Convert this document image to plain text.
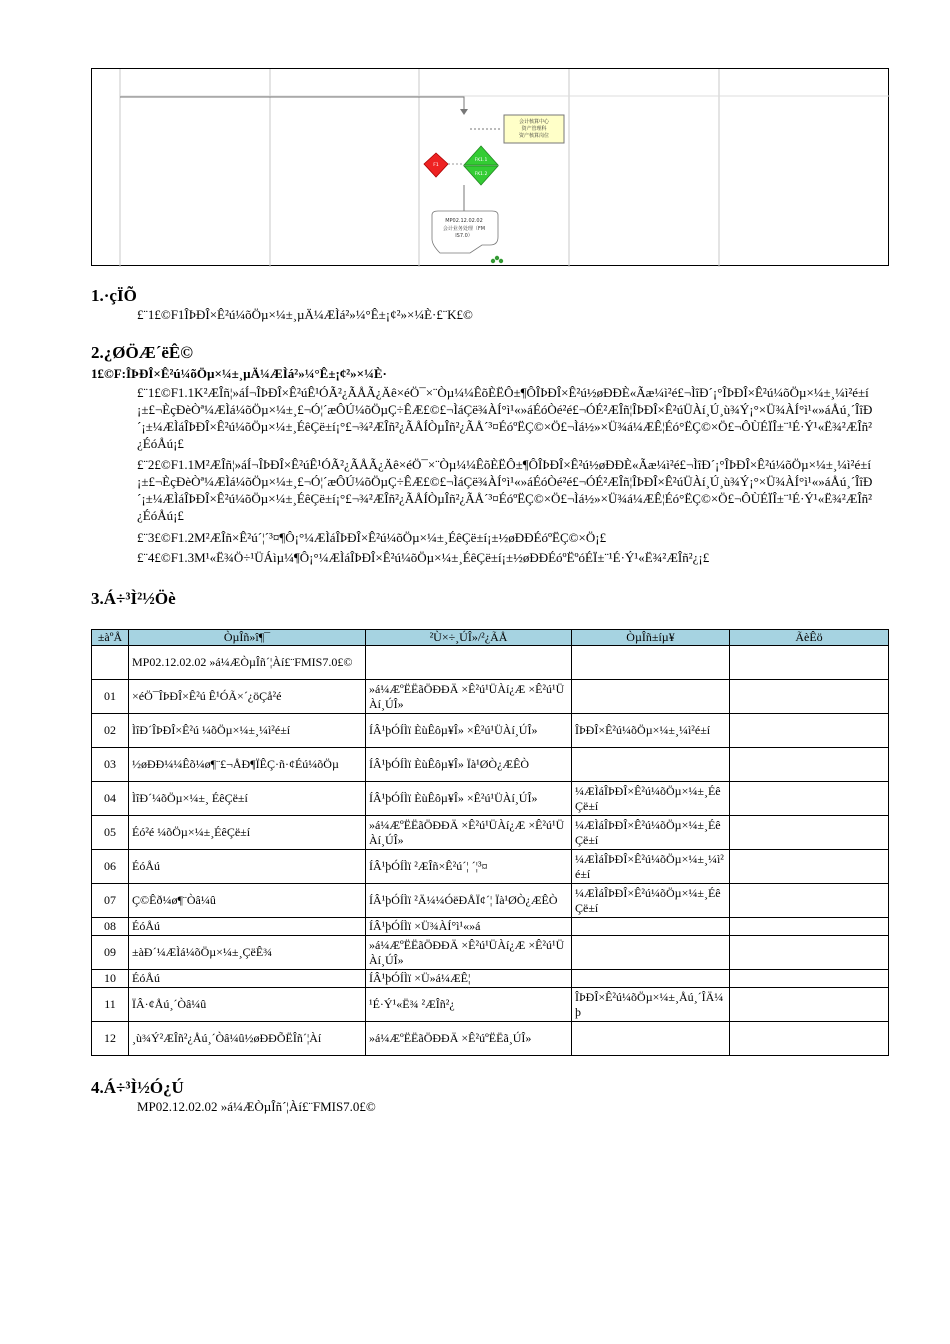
会计核算中心
资产管理科
资产核算岗位
F1
FK1.1
FK1.2
MP02.12.02.02
会计业务处理（FM
IS7.0）
1.·çÏÕ
£¨1£©F1ÎÞÐÎ×Ê²ú¼õÖµ×¼±¸µÄ¼ÆÌá²»¼°Ê±¡¢²»×¼È·£¨K£©
2.¿ØÖÆ´ëÊ©
1£©F:ÎÞÐÎ×Ê²ú¼õÖµ×¼±¸µÄ¼ÆÌá²»¼°Ê±¡¢²»×¼È·
£¨1£©F1.1K²ÆÎñ¦»áÍ¬ÎÞÐÎ×Ê²úÊ¹ÓÃ²¿ÃÅÃ¿Äê×éÖ¯×¨Òµ¼¼ÊõÈËÔ±¶ÔÎÞÐÎ×Ê²ú½øÐÐÈ«Ãæ¼ì²é£¬ÌîÐ´¡°ÎÞÐÎ×Ê²ú¼õÖµ×¼±¸¼ì²é±í¡±£¬ÈçÐèÒª¼ÆÌá¼õÖµ×¼±¸£¬Ó¦´æÔÚ¼õÖµÇ÷ÊÆ£©£¬ÌáÇë¾ÀÍ°ì¹«»áÉóÒé²é£¬ÓÉ²ÆÎñ¦ÎÞÐÎ×Ê²úÜÀí¸Ú¸ù¾Ý¡°×Ü¾ÀÍ°ì¹«»áÅú¸´ÎîÐ´¡±¼ÆÌáÎÞÐÎ×Ê²ú¼õÖµ×¼±¸ÉêÇë±í¡°£¬¾²ÆÎñ²¿ÃÅÍÒµÎñ²¿ÃÅ´³¤ÉóºËÇ©×Ö£¬Ìá½»×Ü¾á¼ÆÊ¦Éó°ËÇ©×Ö£¬ÔÙÉÏÎ±¨¹É·Ý¹«Ë¾²ÆÎñ²¿ÉóÅú¡£
£¨2£©F1.1M²ÆÎñ¦»áÍ¬ÎÞÐÎ×Ê²úÊ¹ÓÃ²¿ÃÅÃ¿Äê×éÖ¯×¨Òµ¼¼ÊõÈËÔ±¶ÔÎÞÐÎ×Ê²ú½øÐÐÈ«Ãæ¼ì²é£¬ÌîÐ´¡°ÎÞÐÎ×Ê²ú¼õÖµ×¼±¸¼ì²é±í¡±£¬ÈçÐèÒª¼ÆÌá¼õÖµ×¼±¸£¬Ó¦´æÔÚ¼õÖµÇ÷ÊÆ£©£¬ÌáÇë¾ÀÍ°ì¹«»áÉóÒé²é£¬ÓÉ²ÆÎñ¦ÎÞÐÎ×Ê²úÜÀí¸Ú¸ù¾Ý¡°×Ü¾ÀÍ°ì¹«»áÅú¸´ÎîÐ´¡±¼ÆÌáÎÞÐÎ×Ê²ú¼õÖµ×¼±¸ÉêÇë±í¡°£¬¾²ÆÎñ²¿ÃÅÍÒµÎñ²¿ÃÅ´³¤ÉóºËÇ©×Ö£¬Ìá½»×Ü¾á¼ÆÊ¦Éó°ËÇ©×Ö£¬ÔÙÉÏÎ±¨¹É·Ý¹«Ë¾²ÆÎñ²¿ÉóÅú¡£
£¨3£©F1.2M²ÆÎñ×Ê²ú´¦´³¤¶Ô¡°¼ÆÌáÎÞÐÎ×Ê²ú¼õÖµ×¼±¸ÉêÇë±í¡±½øÐÐÉóºËÇ©×Ö¡£
£¨4£©F1.3M¹«Ë¾Ö÷¹ÜÁìµ¼¶Ô¡°¼ÆÌáÎÞÐÎ×Ê²ú¼õÖµ×¼±¸ÉêÇë±í¡±½øÐÐÉóºËºóÉÏ±¨¹É·Ý¹«Ë¾²ÆÎñ²¿¡£
3.Á÷³Ì²½Öè
±àºÅ	ÒµÎñ»î¶¯	²Ù×÷¸ÚÎ»/²¿ÃÅ	ÒµÎñ±íµ¥	ÃèÊö
	MP02.12.02.02 »á¼ÆÒµÎñ´¦Àí£¨FMIS7.0£©			
01	×éÖ¯ÎÞÐÎ×Ê²ú Ê¹ÓÃ×´¿öÇå²é	»á¼ÆºËËãÖÐÐÄ ×Ê²ú¹ÜÀí¿Æ ×Ê²ú¹ÜÀí¸ÚÎ»		
02	ÌîÐ´ÎÞÐÎ×Ê²ú ¼õÖµ×¼±¸¼ì²é±í	ÍÂ¹þÓÍÌï ÈùÊôµ¥Î» ×Ê²ú¹ÜÀí¸ÚÎ»	ÎÞÐÎ×Ê²ú¼õÖµ×¼±¸¼ì²é±í	
03	½øÐÐ¼¼Êõ¼ø¶¨£¬ÅÐ¶ÏÊÇ·ñ·¢Éú¼õÖµ	ÍÂ¹þÓÍÌï ÈùÊôµ¥Î» Ïà¹ØÒ¿ÆÊÒ		
04	ÌîÐ´¼õÖµ×¼±¸ ÉêÇë±í	ÍÂ¹þÓÍÌï ÈùÊôµ¥Î» ×Ê²ú¹ÜÀí¸ÚÎ»	¼ÆÌáÎÞÐÎ×Ê²ú¼õÖµ×¼±¸ÉêÇë±í	
05	Éó²é ¼õÖµ×¼±¸ÉêÇë±í	»á¼ÆºËËãÖÐÐÄ ×Ê²ú¹ÜÀí¿Æ ×Ê²ú¹ÜÀí¸ÚÎ»	¼ÆÌáÎÞÐÎ×Ê²ú¼õÖµ×¼±¸ÉêÇë±í	
06	ÉóÅú	ÍÂ¹þÓÍÌï ²ÆÎñ×Ê²ú´¦ ´¦³¤	¼ÆÌáÎÞÐÎ×Ê²ú¼õÖµ×¼±¸¼ì²é±í	
07	Ç©Êð¼ø¶¨Òâ¼û	ÍÂ¹þÓÍÌï ²Ä¼¼ÓëÐÅÏ¢´¦ Ïà¹ØÒ¿ÆÊÒ	¼ÆÌáÎÞÐÎ×Ê²ú¼õÖµ×¼±¸ÉêÇë±í	
08	ÉóÅú	ÍÂ¹þÓÍÌï ×Ü¾ÀÍ°ì¹«»á		
09	±àÐ´¼ÆÌá¼õÖµ×¼±¸ÇëÊ¾	»á¼ÆºËËãÖÐÐÄ ×Ê²ú¹ÜÀí¿Æ ×Ê²ú¹ÜÀí¸ÚÎ»		
10	ÉóÅú	ÍÂ¹þÓÍÌï ×Ü»á¼ÆÊ¦		
11	ÏÂ·¢Åú¸´Òâ¼û	¹É·Ý¹«Ë¾ ²ÆÎñ²¿	ÎÞÐÎ×Ê²ú¼õÖµ×¼±¸Åú¸´ÎÄ¼þ	
12	¸ù¾Ý²ÆÎñ²¿Åú¸´Òâ¼û½øÐÐÕËÎñ´¦Àí	»á¼ÆºËËãÖÐÐÄ ×Ê²úºËËã¸ÚÎ»		
4.Á÷³Ì½Ó¿Ú
MP02.12.02.02 »á¼ÆÒµÎñ´¦Àí£¨FMIS7.0£©
